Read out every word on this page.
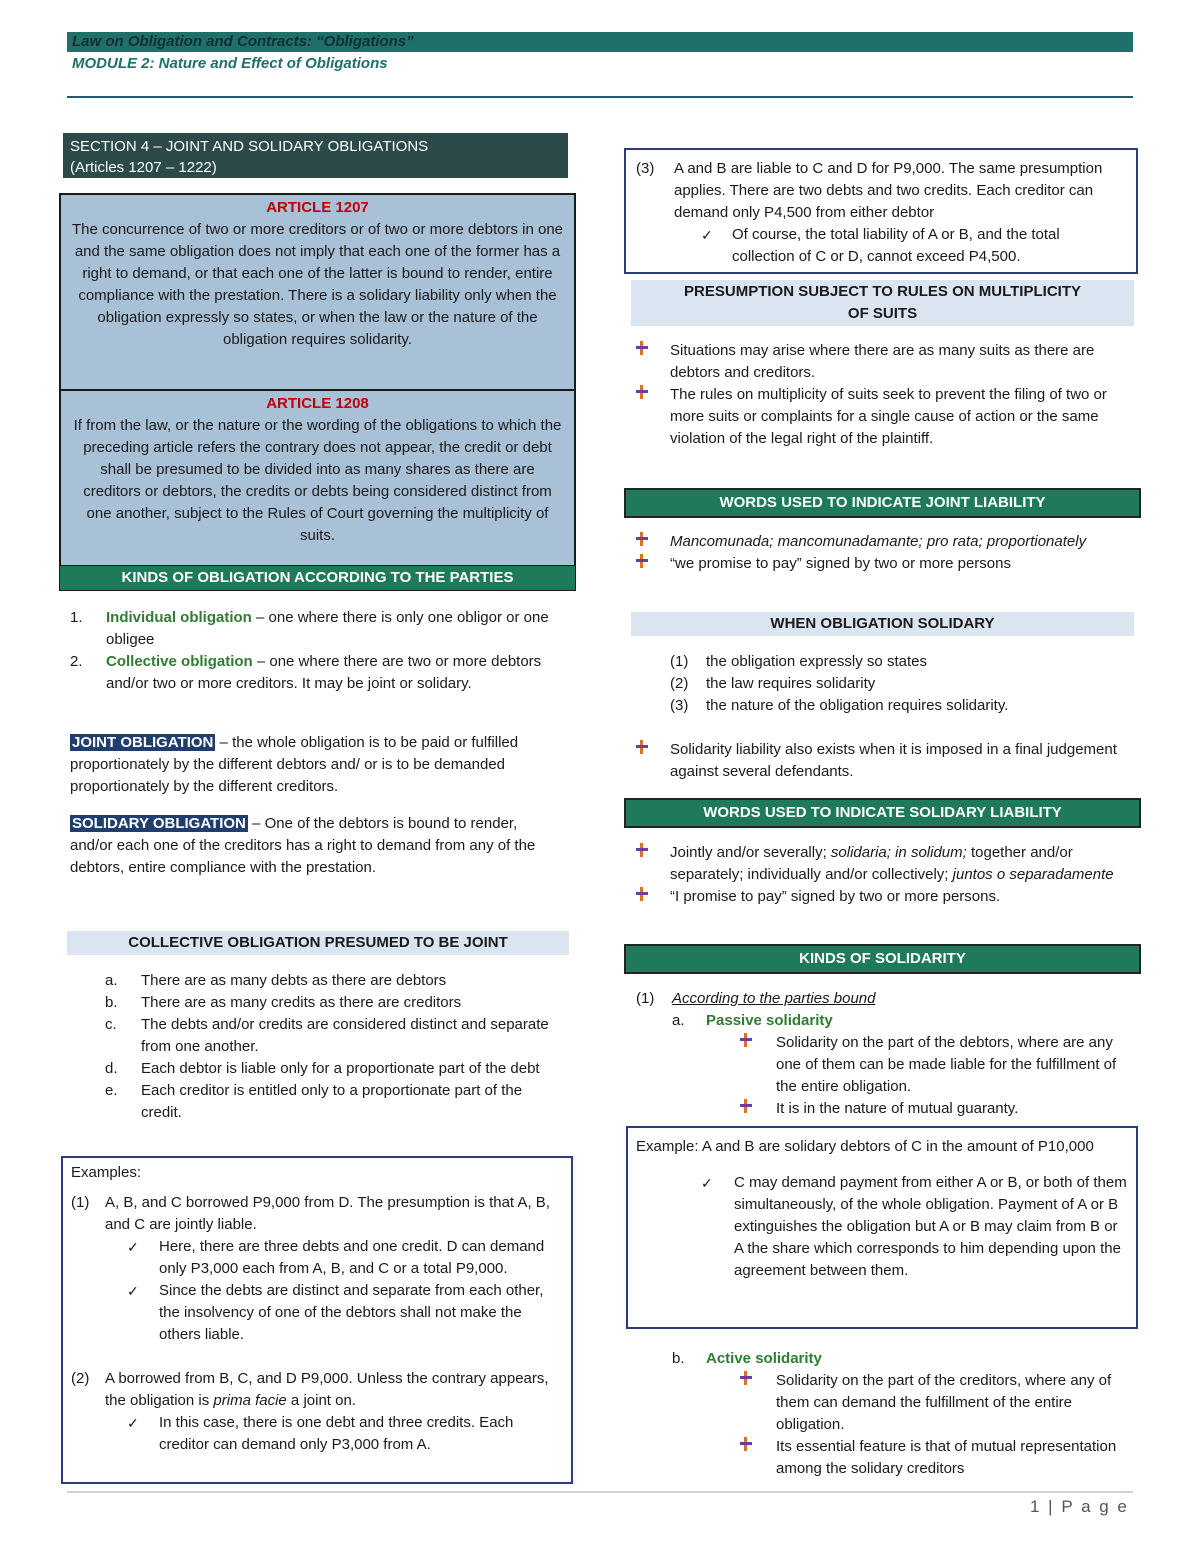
Law on Obligation and Contracts: “Obligations”
MODULE 2: Nature and Effect of Obligations
SECTION 4 – JOINT AND SOLIDARY OBLIGATIONS
(Articles 1207 – 1222)
ARTICLE 1207
The concurrence of two or more creditors or of two or more debtors in one and the same obligation does not imply that each one of the former has a right to demand, or that each one of the latter is bound to render, entire compliance with the prestation. There is a solidary liability only when the obligation expressly so states, or when the law or the nature of the obligation requires solidarity.
ARTICLE 1208
If from the law, or the nature or the wording of the obligations to which the preceding article refers the contrary does not appear, the credit or debt shall be presumed to be divided into as many shares as there are creditors or debtors, the credits or debts being considered distinct from one another, subject to the Rules of Court governing the multiplicity of suits.
KINDS OF OBLIGATION ACCORDING TO THE PARTIES
1.	Individual obligation – one where there is only one obligor or one obligee
2.	Collective obligation – one where there are two or more debtors and/or two or more creditors. It may be joint or solidary.
JOINT OBLIGATION – the whole obligation is to be paid or fulfilled proportionately by the different debtors and/ or is to be demanded proportionately by the different creditors.
SOLIDARY OBLIGATION – One of the debtors is bound to render, and/or each one of the creditors has a right to demand from any of the debtors, entire compliance with the prestation.
COLLECTIVE OBLIGATION PRESUMED TO BE JOINT
a.	There are as many debts as there are debtors
b.	There are as many credits as there are creditors
c.	The debts and/or credits are considered distinct and separate from one another.
d.	Each debtor is liable only for a proportionate part of the debt
e.	Each creditor is entitled only to a proportionate part of the credit.
Examples:
(1)	A, B, and C borrowed P9,000 from D. The presumption is that A, B, and C are jointly liable.
✓
Here, there are three debts and one credit. D can demand only P3,000 each from A, B, and C or a total P9,000.
✓
Since the debts are distinct and separate from each other, the insolvency of one of the debtors shall not make the others liable.
(2)	A borrowed from B, C, and D P9,000. Unless the contrary appears, the obligation is prima facie a joint on.
✓
In this case, there is one debt and three credits. Each creditor can demand only P3,000 from A.
(3)	A and B are liable to C and D for P9,000. The same presumption applies. There are two debts and two credits. Each creditor can demand only P4,500 from either debtor
✓
Of course, the total liability of A or B, and the total collection of C or D, cannot exceed P4,500.
PRESUMPTION SUBJECT TO RULES ON MULTIPLICITY
OF SUITS
Situations may arise where there are as many suits as there are debtors and creditors.
The rules on multiplicity of suits seek to prevent the filing of two or more suits or complaints for a single cause of action or the same violation of the legal right of the plaintiff.
WORDS USED TO INDICATE JOINT LIABILITY
Mancomunada; mancomunadamante; pro rata; proportionately
“we promise to pay” signed by two or more persons
WHEN OBLIGATION SOLIDARY
(1)	the obligation expressly so states
(2)	the law requires solidarity
(3)	the nature of the obligation requires solidarity.
Solidarity liability also exists when it is imposed in a final judgement against several defendants.
WORDS USED TO INDICATE SOLIDARY LIABILITY
Jointly and/or severally; solidaria; in solidum; together and/or separately; individually and/or collectively; juntos o separadamente
“I promise to pay” signed by two or more persons.
KINDS OF SOLIDARITY
(1)	According to the parties bound
a.	Passive solidarity
Solidarity on the part of the debtors, where are any one of them can be made liable for the fulfillment of the entire obligation.
It is in the nature of mutual guaranty.
Example: A and B are solidary debtors of C in the amount of P10,000
✓
C may demand payment from either A or B, or both of them simultaneously, of the whole obligation. Payment of A or B extinguishes the obligation but A or B may claim from B or A the share which corresponds to him depending upon the agreement between them.
b.	Active solidarity
Solidarity on the part of the creditors, where any of them can demand the fulfillment of the entire obligation.
Its essential feature is that of mutual representation among the solidary creditors
1 | P a g e
